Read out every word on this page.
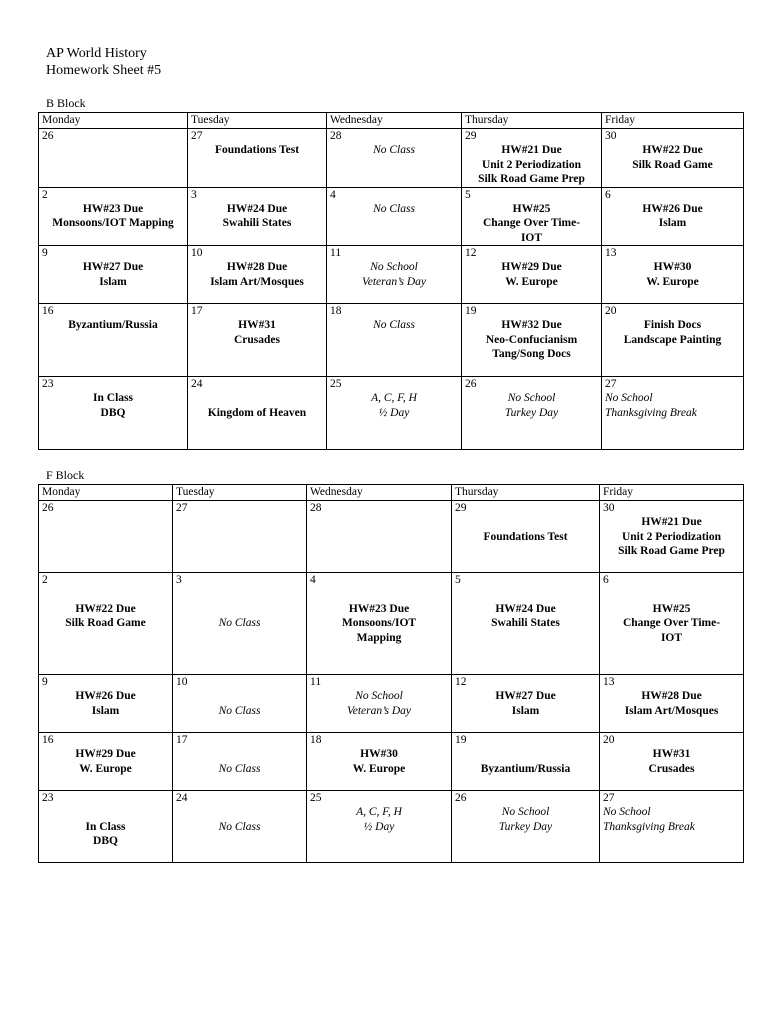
AP World History
Homework Sheet #5
B Block
Monday	Tuesday	Wednesday	Thursday	Friday

26	27
Foundations Test	28
No Class	29
HW#21 Due
Unit 2 Periodization
Silk Road Game Prep	30
HW#22 Due
Silk Road Game

2
HW#23 Due
Monsoons/IOT Mapping	3
HW#24 Due
Swahili States	4
No Class	5
HW#25
Change Over Time-
IOT	6
HW#26 Due
Islam

9
HW#27 Due
Islam	10
HW#28 Due
Islam Art/Mosques	11
No School
Veteran’s Day	12
HW#29 Due
W. Europe	13
HW#30
W. Europe

16
Byzantium/Russia	17
HW#31
Crusades	18
No Class	19
HW#32 Due
Neo-Confucianism
Tang/Song Docs	20
Finish Docs
Landscape Painting

23
In Class
DBQ	24

Kingdom of Heaven	25
A, C, F, H
½ Day	26
No School
Turkey Day	27
No School
Thanksgiving Break
F Block
Monday	Tuesday	Wednesday	Thursday	Friday

26	27	28	29

Foundations Test	30
HW#21 Due
Unit 2 Periodization
Silk Road Game Prep

2

HW#22 Due
Silk Road Game	3

No Class	4

HW#23 Due
Monsoons/IOT
Mapping	5

HW#24 Due
Swahili States	6

HW#25
Change Over Time-
IOT

9
HW#26 Due
Islam	10

No Class	11
No School
Veteran’s Day	12
HW#27 Due
Islam	13
HW#28 Due
Islam Art/Mosques

16
HW#29 Due
W. Europe	17

No Class	18
HW#30
W. Europe	19

Byzantium/Russia	20
HW#31
Crusades

23

In Class
DBQ	24

No Class	25
A, C, F, H
½ Day	26
No School
Turkey Day	27
No School
Thanksgiving Break
